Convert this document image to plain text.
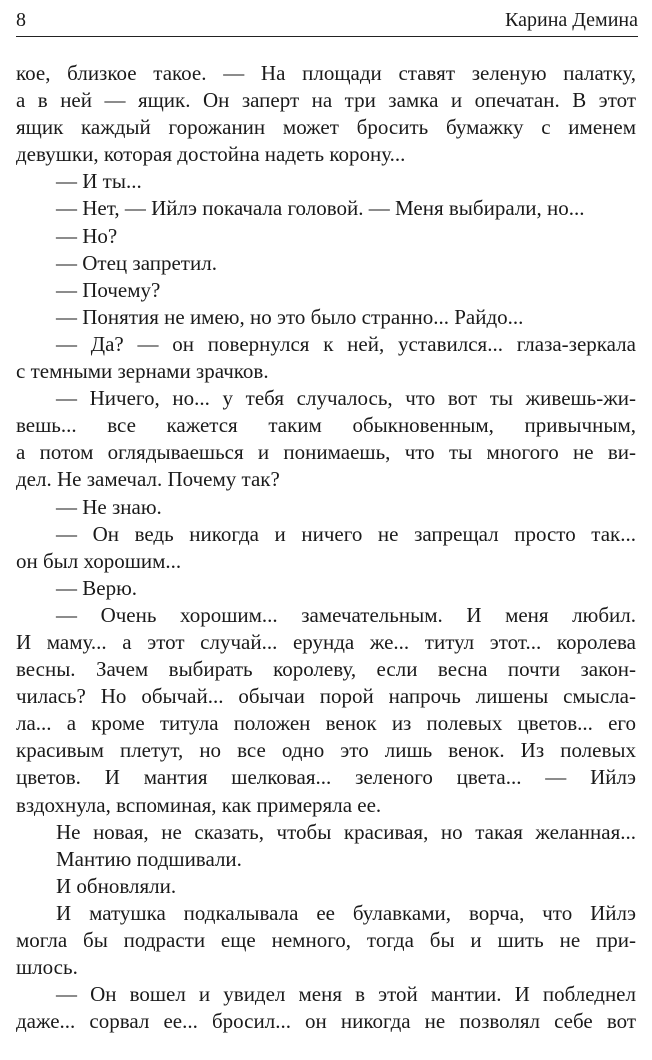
8	Карина Демина
кое, близкое такое. — На площади ставят зеленую палатку,
а в ней — ящик. Он заперт на три замка и опечатан. В этот
ящик каждый горожанин может бросить бумажку с именем
девушки, которая достойна надеть корону...
— И ты...
— Нет, — Ийлэ покачала головой. — Меня выбирали, но...
— Но?
— Отец запретил.
— Почему?
— Понятия не имею, но это было странно... Райдо...
— Да? — он повернулся к ней, уставился... глаза-зеркала
с темными зернами зрачков.
— Ничего, но... у тебя случалось, что вот ты живешь-жи-
вешь... все кажется таким обыкновенным, привычным,
а потом оглядываешься и понимаешь, что ты многого не ви-
дел. Не замечал. Почему так?
— Не знаю.
— Он ведь никогда и ничего не запрещал просто так...
он был хорошим...
— Верю.
— Очень хорошим... замечательным. И меня любил.
И маму... а этот случай... ерунда же... титул этот... королева
весны. Зачем выбирать королеву, если весна почти закон-
чилась? Но обычай... обычаи порой напрочь лишены смысла-
ла... а кроме титула положен венок из полевых цветов... его
красивым плетут, но все одно это лишь венок. Из полевых
цветов. И мантия шелковая... зеленого цвета... — Ийлэ
вздохнула, вспоминая, как примеряла ее.
Не новая, не сказать, чтобы красивая, но такая желанная...
Мантию подшивали.
И обновляли.
И матушка подкалывала ее булавками, ворча, что Ийлэ
могла бы подрасти еще немного, тогда бы и шить не при-
шлось.
— Он вошел и увидел меня в этой мантии. И побледнел
даже... сорвал ее... бросил... он никогда не позволял себе вот
